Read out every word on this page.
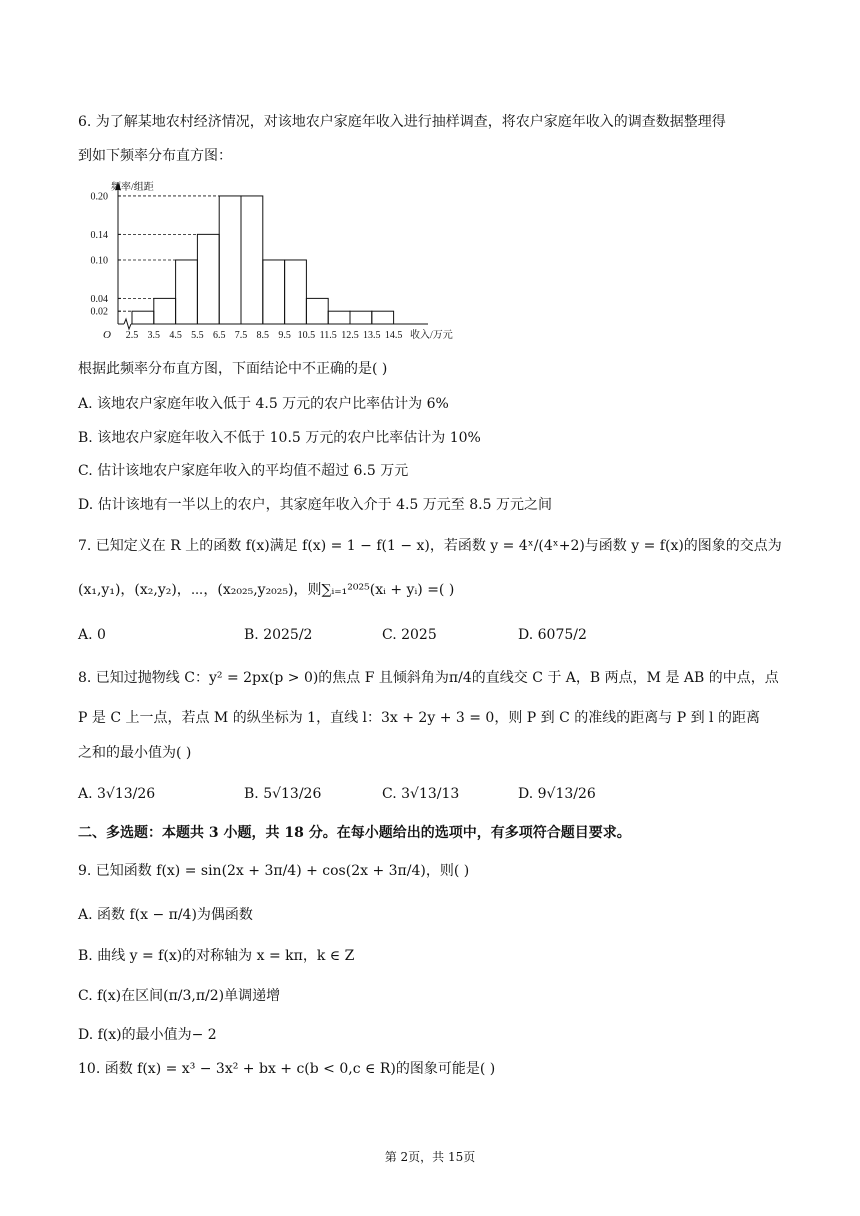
6. 为了解某地农村经济情况，对该地农户家庭年收入进行抽样调查，将农户家庭年收入的调查数据整理得
到如下频率分布直方图：
0.02
0.04
0.10
0.14
0.20
2.5 3.5 4.5 5.5 6.5 7.5 8.5 9.5 10.5 11.5 12.5 13.5 14.5
频率/组距
O	收入/万元
根据此频率分布直方图，下面结论中不正确的是( )
A. 该地农户家庭年收入低于 4.5 万元的农户比率估计为 6%
B. 该地农户家庭年收入不低于 10.5 万元的农户比率估计为 10%
C. 估计该地农户家庭年收入的平均值不超过 6.5 万元
D. 估计该地有一半以上的农户，其家庭年收入介于 4.5 万元至 8.5 万元之间
7. 已知定义在 R 上的函数 f(x)满足 f(x) = 1 − f(1 − x)，若函数 y = 4ˣ/(4ˣ+2)与函数 y = f(x)的图象的交点为
(x₁,y₁)，(x₂,y₂)，⋯，(x₂₀₂₅,y₂₀₂₅)，则∑ᵢ₌₁²⁰²⁵(xᵢ + yᵢ) =( )
A. 0	B. 2025/2	C. 2025	D. 6075/2
8. 已知过抛物线 C：y² = 2px(p > 0)的焦点 F 且倾斜角为π/4的直线交 C 于 A，B 两点，M 是 AB 的中点，点
P 是 C 上一点，若点 M 的纵坐标为 1，直线 l：3x + 2y + 3 = 0，则 P 到 C 的准线的距离与 P 到 l 的距离
之和的最小值为( )
A. 3√13/26	B. 5√13/26	C. 3√13/13	D. 9√13/26
二、多选题：本题共 3 小题，共 18 分。在每小题给出的选项中，有多项符合题目要求。
9. 已知函数 f(x) = sin(2x + 3π/4) + cos(2x + 3π/4)，则( )
A. 函数 f(x − π/4)为偶函数
B. 曲线 y = f(x)的对称轴为 x = kπ，k ∈ Z
C. f(x)在区间(π/3,π/2)单调递增
D. f(x)的最小值为− 2
10. 函数 f(x) = x³ − 3x² + bx + c(b < 0,c ∈ R)的图象可能是( )
第 2页，共 15页
